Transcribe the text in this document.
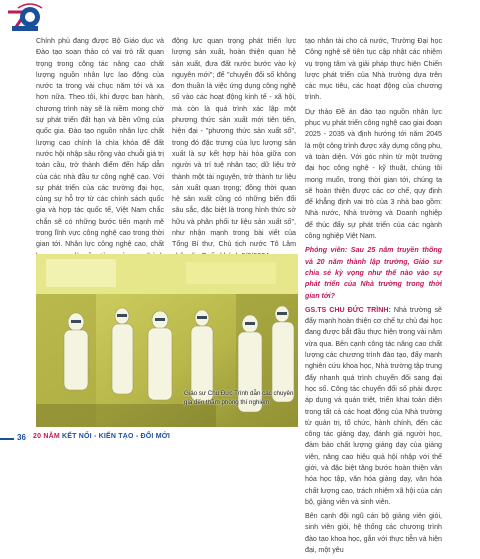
Chính phủ đang được Bộ Giáo dục và Đào tạo soạn thảo có vai trò rất quan trọng trong công tác nâng cao chất lượng nguồn nhân lực lao động của nước ta trong vài chục năm tới và xa hơn nữa. Theo tôi, khi được ban hành, chương trình này sẽ là niềm mong chờ sự phát triển đất hạn và bền vững của quốc gia. Đào tạo nguồn nhân lực chất lượng cao chính là chìa khóa để đất nước hội nhập sâu rộng vào chuỗi giá trị toàn cầu, trở thành điểm đến hấp dẫn của các nhà đầu tư công nghệ cao. Với sự phát triển của các trường đại học, cùng sự hỗ trợ từ các chính sách quốc gia và hợp tác quốc tế, Việt Nam chắc chắn sẽ có những bước tiến mạnh mẽ trong lĩnh vực công nghệ cao trong thời gian tới. Nhân lực công nghệ cao, chất

động lực quan trọng phát triển lực lượng sản xuất, hoàn thiện quan hệ sản xuất, đưa đất nước bước vào kỷ nguyên mới"; để "chuyển đổi số không đơn thuần là việc ứng dụng công nghệ số vào các hoạt động kinh tế - xã hội, mà còn là quá trình xác lập một phương thức sản xuất mới tiên tiến, hiện đại - "phương thức sản xuất số", trong đó đặc trưng của lực lượng sản xuất là sự kết hợp hài hòa giữa con người và trí tuệ nhân tạo; dữ liệu trở thành một tài nguyên, trở thành tư liệu sản xuất quan trọng; đồng thời quan hệ sản xuất cũng có những biến đổi sâu sắc, đặc biệt là trong hình thức sở hữu và phân phối tư liệu sản xuất số", như nhận mạnh trong bài viết của Tổng Bí thư, Chủ tịch nước Tô Lâm

tạo nhân tài cho cả nước, Trường Đại học Công nghệ sẽ tiên tục cập nhật các nhiệm vụ trọng tâm và giải pháp thực hiện Chiến lược phát triển của Nhà trường dựa trên các mục tiêu, các hoạt động của chương trình.

Dự thảo Đề án đào tạo nguồn nhân lực phục vụ phát triển công nghệ cao giai đoạn 2025 - 2035 và định hướng tới năm 2045 là một công trình được xây dựng công phu, và toàn diện. Với góc nhìn từ một trường đại học công nghệ - kỹ thuật, chúng tôi mong muốn, trong thời gian tới, chúng ta sẽ hoàn thiện được các cơ chế, quy định để khẳng định vai trò của 3 nhà bao gồm: Nhà nước, Nhà trường và Doanh nghiệp để thúc đẩy sự phát triển của các ngành công nghiệp Việt Nam.

Phóng viên: Sau 25 năm truyền thống và 20 năm thành lập trường, Giáo sư chia sẻ kỳ vọng như thế nào vào sự phát triển của Nhà trường trong thời gian tới?

GS.TS CHU ĐỨC TRÌNH: Nhà trường sẽ đẩy mạnh hoàn thiện cơ chế tự chủ đại học đang được bắt đầu thực hiện trong vài năm vừa qua. Bên cạnh công tác nâng cao chất lượng các chương trình đào tạo, đẩy mạnh nghiên cứu khoa học, Nhà trường tập trung đẩy nhanh quá trình chuyển đổi sang đại học số. Công tác chuyển đổi số phải được áp dụng và quán triệt, triển khai toàn diện trong tất cả các hoạt động của Nhà trường từ quản trị, tổ chức, hành chính, đến các công tác giảng dạy, đánh giá người học, đảm bảo chất lượng giảng dạy của giảng viên, nâng cao hiệu quả hội nhập với thế giới, và đặc biệt tăng bước hoàn thiện văn hóa học tập, văn hóa giảng dạy, văn hóa chất lượng cao, trách nhiệm xã hội của cán bộ, giảng viên và sinh viên.

Bên cạnh đội ngũ cán bộ giảng viên giỏi, sinh viên giỏi, hệ thống các chương trình đào tạo khoa học, gắn với thực tiễn và hiện đại, một yêu

Giáo sư Chu Đức Trình dẫn các chuyên gia đến thăm phòng thí nghiệm
36 20 NĂM KẾT NỐI - KIẾN TẠO - ĐỔI MỚI
